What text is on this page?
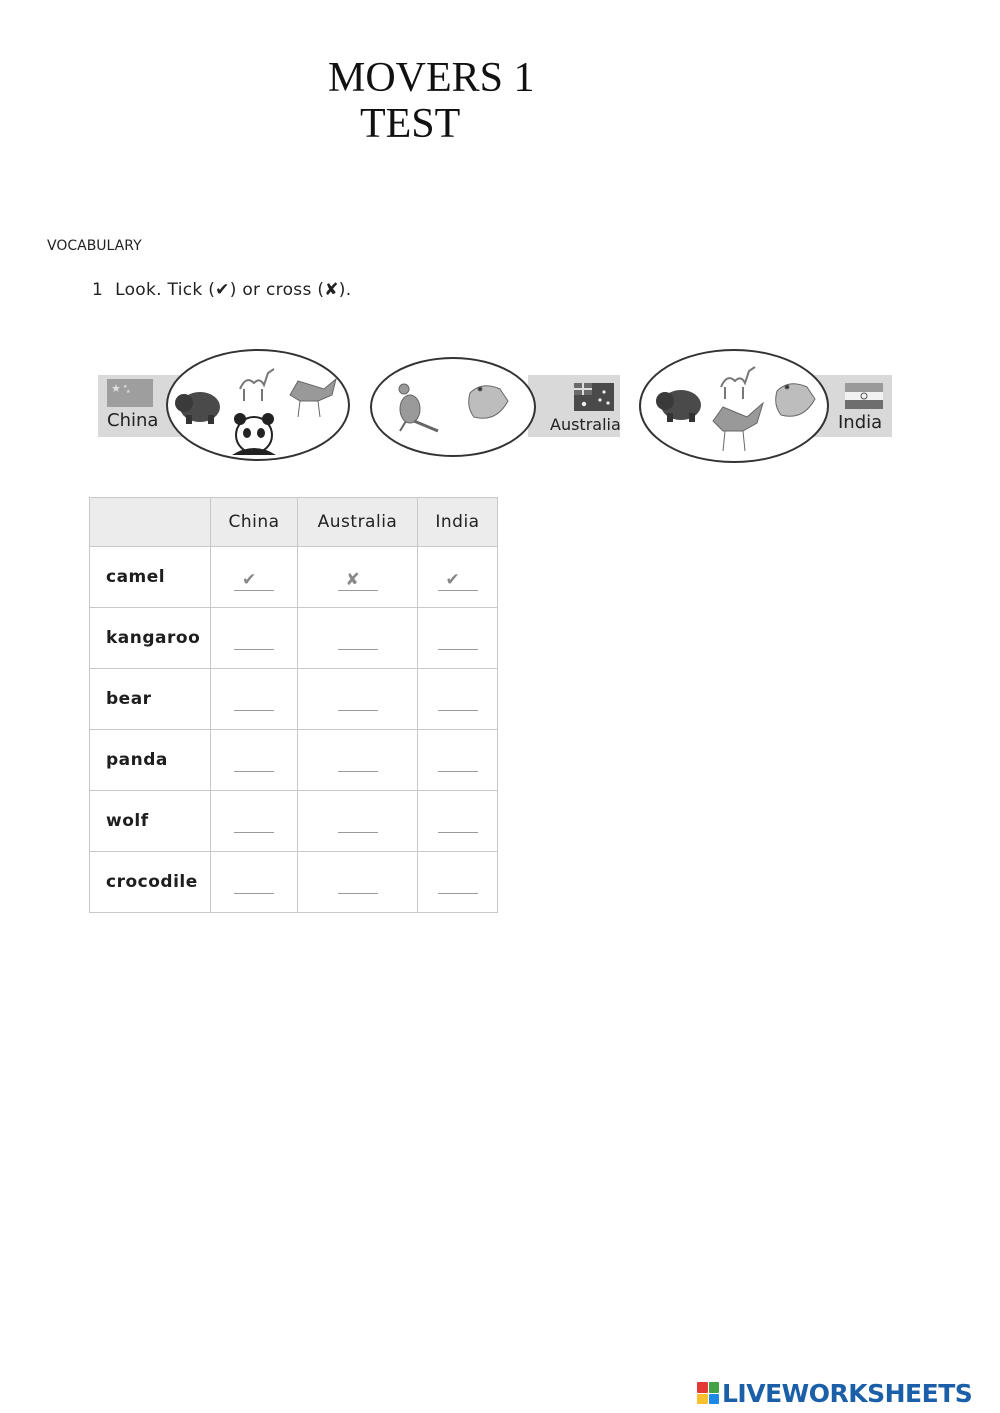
MOVERS 1
TEST
VOCABULARY
1 Look. Tick (✔) or cross (✘).
★ ★
★
China	Australia	India
	China	Australia	India
camel	✔	✘	✔
kangaroo			
bear			
panda			
wolf			
crocodile			
LIVEWORKSHEETS
